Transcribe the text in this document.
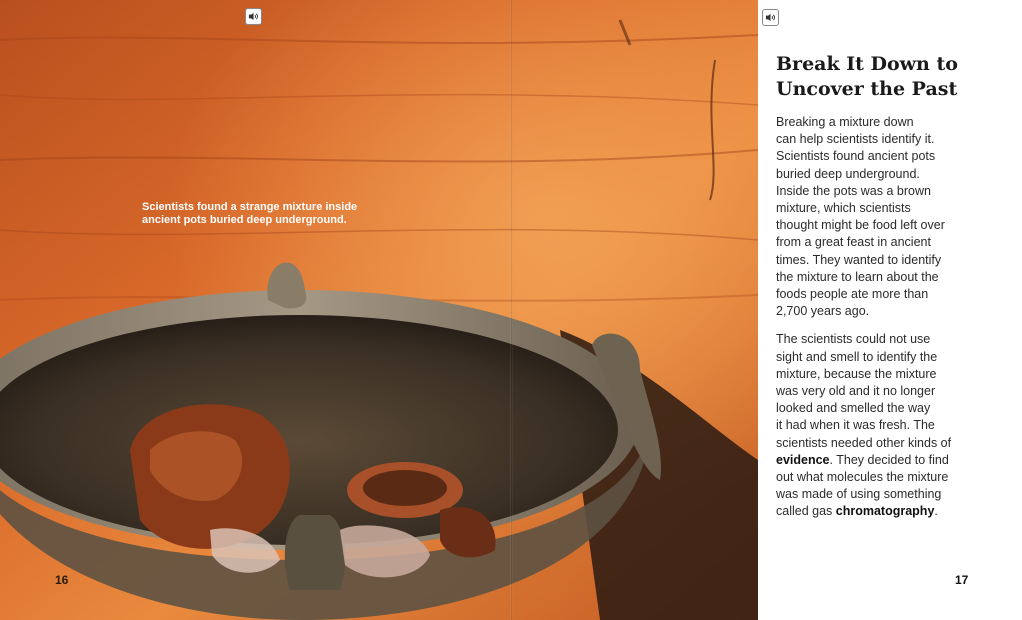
Scientists found a strange mixture inside
ancient pots buried deep underground.
16	17
Break It Down to
Uncover the Past

Breaking a mixture down
can help scientists identify it.
Scientists found ancient pots
buried deep underground.
Inside the pots was a brown
mixture, which scientists
thought might be food left over
from a great feast in ancient
times. They wanted to identify
the mixture to learn about the
foods people ate more than
2,700 years ago.

The scientists could not use
sight and smell to identify the
mixture, because the mixture
was very old and it no longer
looked and smelled the way
it had when it was fresh. The
scientists needed other kinds of
evidence. They decided to find
out what molecules the mixture
was made of using something
called gas chromatography.
